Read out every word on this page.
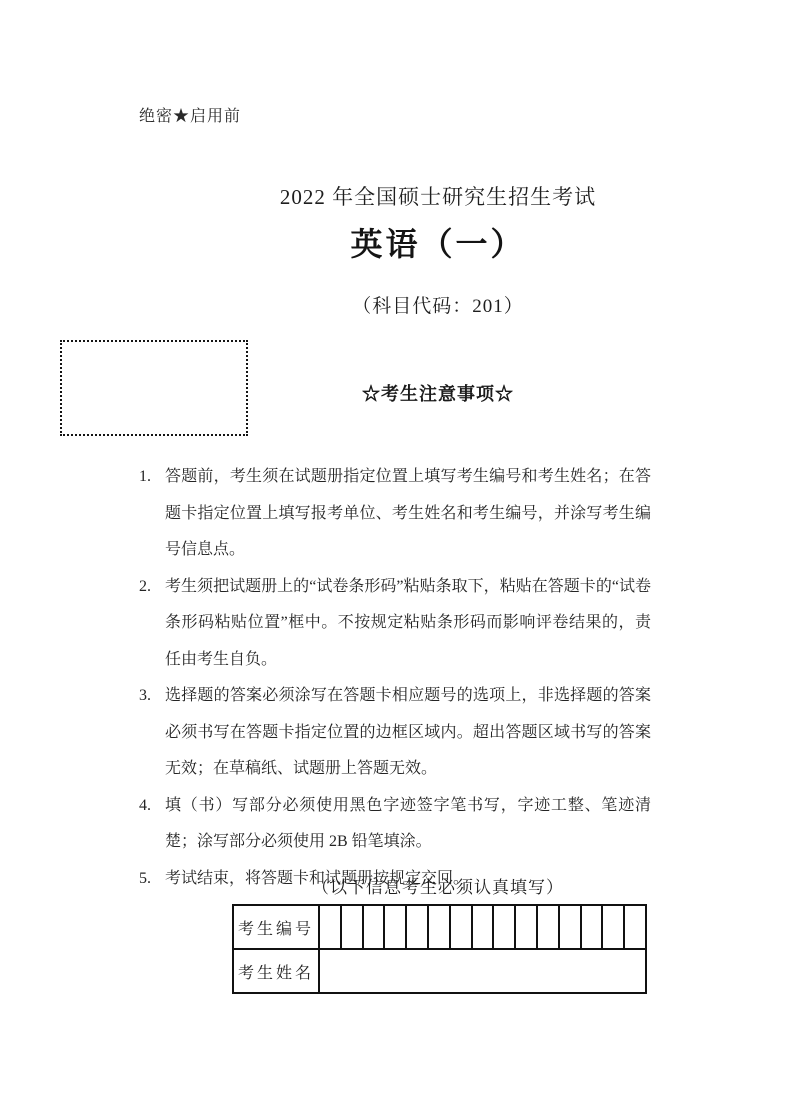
绝密★启用前
2022 年全国硕士研究生招生考试
英语（一）
（科目代码：201）
☆考生注意事项☆
1. 答题前，考生须在试题册指定位置上填写考生编号和考生姓名；在答题卡指定位置上填写报考单位、考生姓名和考生编号，并涂写考生编号信息点。
2. 考生须把试题册上的“试卷条形码”粘贴条取下，粘贴在答题卡的“试卷条形码粘贴位置”框中。不按规定粘贴条形码而影响评卷结果的，责任由考生自负。
3. 选择题的答案必须涂写在答题卡相应题号的选项上，非选择题的答案必须书写在答题卡指定位置的边框区域内。超出答题区域书写的答案无效；在草稿纸、试题册上答题无效。
4. 填（书）写部分必须使用黑色字迹签字笔书写，字迹工整、笔迹清楚；涂写部分必须使用 2B 铅笔填涂。
5. 考试结束，将答题卡和试题册按规定交回。
（以下信息考生必须认真填写）
考生编号
考生姓名
